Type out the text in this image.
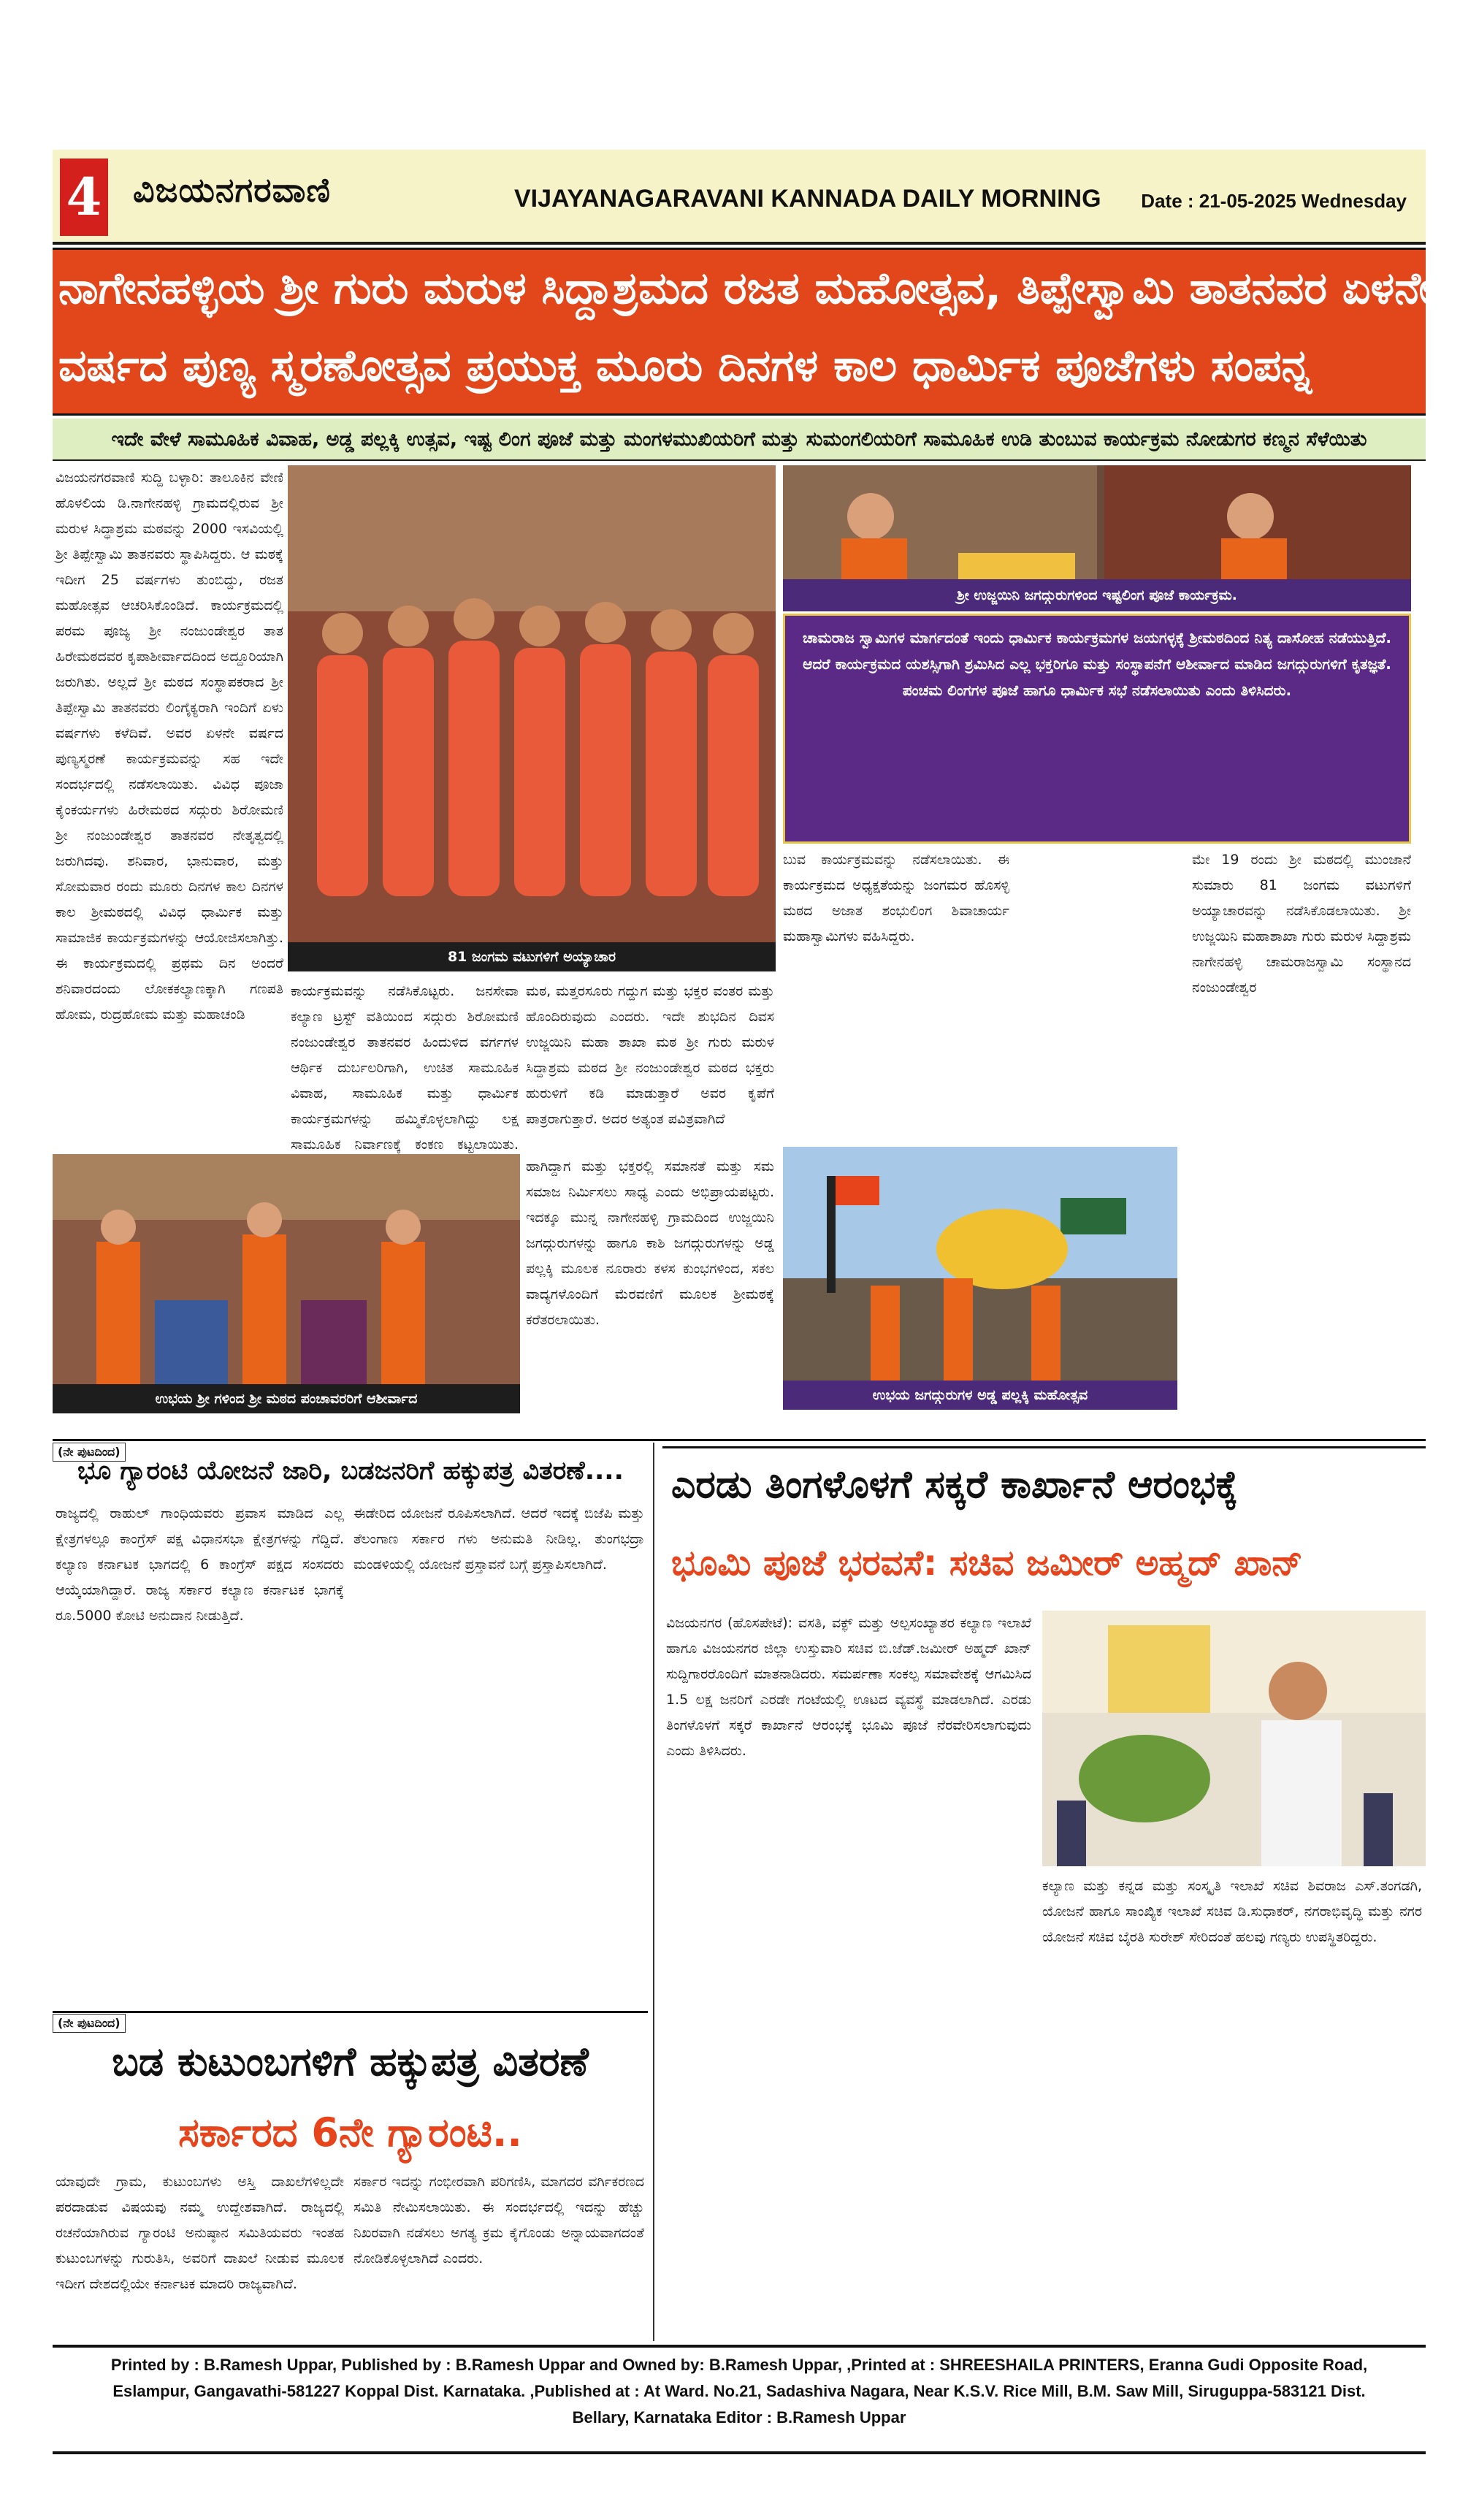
4 ವಿಜಯನಗರವಾಣಿ	VIJAYANAGARAVANI KANNADA DAILY MORNING Date : 21-05-2025 Wednesday
ನಾಗೇನಹಳ್ಳಿಯ ಶ್ರೀ ಗುರು ಮರುಳ ಸಿದ್ದಾಶ್ರಮದ ರಜತ ಮಹೋತ್ಸವ, ತಿಪ್ಪೇಸ್ವಾಮಿ ತಾತನವರ ಏಳನೇ
ವರ್ಷದ ಪುಣ್ಯ ಸ್ಮರಣೋತ್ಸವ ಪ್ರಯುಕ್ತ ಮೂರು ದಿನಗಳ ಕಾಲ ಧಾರ್ಮಿಕ ಪೂಜೆಗಳು ಸಂಪನ್ನ
ಇದೇ ವೇಳೆ ಸಾಮೂಹಿಕ ವಿವಾಹ, ಅಡ್ಡ ಪಲ್ಲಕ್ಕಿ ಉತ್ಸವ, ಇಷ್ಟ ಲಿಂಗ ಪೂಜೆ ಮತ್ತು ಮಂಗಳಮುಖಿಯರಿಗೆ ಮತ್ತು ಸುಮಂಗಲಿಯರಿಗೆ ಸಾಮೂಹಿಕ ಉಡಿ ತುಂಬುವ ಕಾರ್ಯಕ್ರಮ ನೋಡುಗರ ಕಣ್ಮನ ಸೆಳೆಯಿತು
ವಿಜಯನಗರವಾಣಿ ಸುದ್ದಿ ಬಳ್ಳಾರಿ: ತಾಲೂಕಿನ ವೇಣಿ ಹೊಳಲಿಯ ಡಿ.ನಾಗೇನಹಳ್ಳಿ ಗ್ರಾಮದಲ್ಲಿರುವ ಶ್ರೀ ಮರುಳ ಸಿದ್ಧಾಶ್ರಮ ಮಠವನ್ನು 2000 ಇಸವಿಯಲ್ಲಿ ಶ್ರೀ ತಿಪ್ಪೇಸ್ವಾಮಿ ತಾತನವರು ಸ್ಥಾಪಿಸಿದ್ದರು. ಆ ಮಠಕ್ಕೆ ಇದೀಗ 25 ವರ್ಷಗಳು ತುಂಬಿದ್ದು, ರಜತ ಮಹೋತ್ಸವ ಆಚರಿಸಿಕೊಂಡಿದೆ. ಕಾರ್ಯಕ್ರಮದಲ್ಲಿ ಪರಮ ಪೂಜ್ಯ ಶ್ರೀ ನಂಜುಂಡೇಶ್ವರ ತಾತ ಹಿರೇಮಠದವರ ಕೃಪಾಶೀರ್ವಾದದಿಂದ ಅದ್ದೂರಿಯಾಗಿ ಜರುಗಿತು. ಅಲ್ಲದೆ ಶ್ರೀ ಮಠದ ಸಂಸ್ಥಾಪಕರಾದ ಶ್ರೀ ತಿಪ್ಪೇಸ್ವಾಮಿ ತಾತನವರು ಲಿಂಗೈಕ್ಯರಾಗಿ ಇಂದಿಗೆ ಏಳು ವರ್ಷಗಳು ಕಳೆದಿವೆ. ಅವರ ಏಳನೇ ವರ್ಷದ ಪುಣ್ಯಸ್ಮರಣೆ ಕಾರ್ಯಕ್ರಮವನ್ನು ಸಹ ಇದೇ ಸಂದರ್ಭದಲ್ಲಿ ನಡೆಸಲಾಯಿತು. ವಿವಿಧ ಪೂಜಾ ಕೈಂಕರ್ಯಗಳು ಹಿರೇಮಠದ ಸದ್ಗುರು ಶಿರೋಮಣಿ ಶ್ರೀ ನಂಜುಂಡೇಶ್ವರ ತಾತನವರ ನೇತೃತ್ವದಲ್ಲಿ ಜರುಗಿದವು. ಶನಿವಾರ, ಭಾನುವಾರ, ಮತ್ತು ಸೋಮವಾರ ರಂದು ಮೂರು ದಿನಗಳ ಕಾಲ ದಿನಗಳ ಕಾಲ ಶ್ರೀಮಠದಲ್ಲಿ ವಿವಿಧ ಧಾರ್ಮಿಕ ಮತ್ತು ಸಾಮಾಜಿಕ ಕಾರ್ಯಕ್ರಮಗಳನ್ನು ಆಯೋಜಿಸಲಾಗಿತ್ತು. ಈ ಕಾರ್ಯಕ್ರಮದಲ್ಲಿ ಪ್ರಥಮ ದಿನ ಅಂದರೆ ಶನಿವಾರದಂದು ಲೋಕಕಲ್ಯಾಣಕ್ಕಾಗಿ ಗಣಪತಿ ಹೋಮ, ರುದ್ರಹೋಮ ಮತ್ತು ಮಹಾಚಂಡಿ
ಕಾರ್ಯಕ್ರಮವನ್ನು ನಡೆಸಿಕೊಟ್ಟರು. ಜನಸೇವಾ ಕಲ್ಯಾಣ ಟ್ರಸ್ಟ್ ವತಿಯಿಂದ ಸದ್ಗುರು ಶಿರೋಮಣಿ ನಂಜುಂಡೇಶ್ವರ ತಾತನವರ ಹಿಂದುಳಿದ ವರ್ಗಗಳ ಆರ್ಥಿಕ ದುರ್ಬಲರಿಗಾಗಿ, ಉಚಿತ ಸಾಮೂಹಿಕ ವಿವಾಹ, ಸಾಮೂಹಿಕ ಮತ್ತು ಧಾರ್ಮಿಕ ಕಾರ್ಯಕ್ರಮಗಳನ್ನು ಹಮ್ಮಿಕೊಳ್ಳಲಾಗಿದ್ದು ಲಕ್ಷ ಸಾಮೂಹಿಕ ನಿರ್ವಾಣಕ್ಕೆ ಕಂಕಣ ಕಟ್ಟಲಾಯಿತು.
ಮಠ, ಮತ್ತರಸೂರು ಗದ್ದುಗ ಮತ್ತು ಭಕ್ತರ ವಂತರ ಮತ್ತು ಹೊಂದಿರುವುದು ಎಂದರು. ಇದೇ ಶುಭದಿನ ದಿವಸ ಉಜ್ಜಯಿನಿ ಮಹಾ ಶಾಖಾ ಮಠ ಶ್ರೀ ಗುರು ಮರುಳ ಸಿದ್ದಾಶ್ರಮ ಮಠದ ಶ್ರೀ ನಂಜುಂಡೇಶ್ವರ ಮಠದ ಭಕ್ತರು ಹುರುಳಿಗೆ ಕಡಿ ಮಾಡುತ್ತಾರೆ ಅವರ ಕೃಪೆಗೆ ಪಾತ್ರರಾಗುತ್ತಾರೆ. ಅದರ ಅತ್ಯಂತ ಪವಿತ್ರವಾಗಿದೆ
ಹಾಗಿದ್ದಾಗ ಮತ್ತು ಭಕ್ತರಲ್ಲಿ ಸಮಾನತೆ ಮತ್ತು ಸಮ ಸಮಾಜ ನಿರ್ಮಿಸಲು ಸಾಧ್ಯ ಎಂದು ಅಭಿಪ್ರಾಯಪಟ್ಟರು. ಇದಕ್ಕೂ ಮುನ್ನ ನಾಗೇನಹಳ್ಳಿ ಗ್ರಾಮದಿಂದ ಉಜ್ಜಯಿನಿ ಜಗದ್ಗುರುಗಳನ್ನು ಹಾಗೂ ಕಾಶಿ ಜಗದ್ಗುರುಗಳನ್ನು ಅಡ್ಡ ಪಲ್ಲಕ್ಕಿ ಮೂಲಕ ನೂರಾರು ಕಳಸ ಕುಂಭಗಳಿಂದ, ಸಕಲ ವಾದ್ಯಗಳೊಂದಿಗೆ ಮೆರವಣಿಗೆ ಮೂಲಕ ಶ್ರೀಮಠಕ್ಕೆ ಕರೆತರಲಾಯಿತು.
ಬುವ ಕಾರ್ಯಕ್ರಮವನ್ನು ನಡೆಸಲಾಯಿತು. ಈ ಕಾರ್ಯಕ್ರಮದ ಅಧ್ಯಕ್ಷತೆಯನ್ನು ಜಂಗಮರ ಹೊಸಳ್ಳಿ ಮಠದ ಅಜಾತ ಶಂಭುಲಿಂಗ ಶಿವಾಚಾರ್ಯ ಮಹಾಸ್ವಾಮಿಗಳು ವಹಿಸಿದ್ದರು.
ಮೇ 19 ರಂದು ಶ್ರೀ ಮಠದಲ್ಲಿ ಮುಂಜಾನೆ ಸುಮಾರು 81 ಜಂಗಮ ವಟುಗಳಿಗೆ ಅಯ್ಯಾಚಾರವನ್ನು ನಡೆಸಿಕೊಡಲಾಯಿತು. ಶ್ರೀ ಉಜ್ಜಯಿನಿ ಮಹಾಶಾಖಾ ಗುರು ಮರುಳ ಸಿದ್ದಾಶ್ರಮ ನಾಗೇನಹಳ್ಳಿ ಚಾಮರಾಜಸ್ವಾಮಿ ಸಂಸ್ಥಾನದ ನಂಜುಂಡೇಶ್ವರ
81 ಜಂಗಮ ವಟುಗಳಿಗೆ ಅಯ್ಯಾಚಾರ
ಶ್ರೀ ಉಜ್ಜಯಿನಿ ಜಗದ್ಗುರುಗಳಿಂದ ಇಷ್ಟಲಿಂಗ ಪೂಜೆ ಕಾರ್ಯಕ್ರಮ.

ಚಾಮರಾಜ ಸ್ವಾಮಿಗಳ ಮಾರ್ಗದಂತೆ ಇಂದು ಧಾರ್ಮಿಕ ಕಾರ್ಯಕ್ರಮಗಳ ಜಯಗಳ್ಳಕ್ಕೆ ಶ್ರೀಮಠದಿಂದ ನಿತ್ಯ ದಾಸೋಹ ನಡೆಯುತ್ತಿದೆ. ಆದರೆ ಕಾರ್ಯಕ್ರಮದ ಯಶಸ್ಸಿಗಾಗಿ ಶ್ರಮಿಸಿದ ಎಲ್ಲ ಭಕ್ತರಿಗೂ ಮತ್ತು ಸಂಸ್ಥಾಪನೆಗೆ ಆಶೀರ್ವಾದ ಮಾಡಿದ ಜಗದ್ಗುರುಗಳಿಗೆ ಕೃತಜ್ಞತೆ. ಪಂಚಮ ಲಿಂಗಗಳ ಪೂಜೆ ಹಾಗೂ ಧಾರ್ಮಿಕ ಸಭೆ ನಡೆಸಲಾಯಿತು ಎಂದು ತಿಳಿಸಿದರು.

ಉಭಯ ಶ್ರೀ ಗಳಿಂದ ಶ್ರೀ ಮಠದ ಪಂಚಾವರರಿಗೆ ಆಶೀರ್ವಾದ	ಉಭಯ ಜಗದ್ಗುರುಗಳ ಅಡ್ಡ ಪಲ್ಲಕ್ಕಿ ಮಹೋತ್ಸವ
(ನೇ ಪುಟದಿಂದ)
ಭೂ ಗ್ಯಾರಂಟಿ ಯೋಜನೆ ಜಾರಿ, ಬಡಜನರಿಗೆ ಹಕ್ಕುಪತ್ರ ವಿತರಣೆ....
ರಾಜ್ಯದಲ್ಲಿ ರಾಹುಲ್ ಗಾಂಧಿಯವರು ಪ್ರವಾಸ ಮಾಡಿದ ಎಲ್ಲ ಕ್ಷೇತ್ರಗಳಲ್ಲೂ ಕಾಂಗ್ರೆಸ್ ಪಕ್ಷ ವಿಧಾನಸಭಾ ಕ್ಷೇತ್ರಗಳನ್ನು ಗೆದ್ದಿದೆ. ಕಲ್ಯಾಣ ಕರ್ನಾಟಕ ಭಾಗದಲ್ಲಿ 6 ಕಾಂಗ್ರೆಸ್ ಪಕ್ಷದ ಸಂಸದರು ಆಯ್ಕೆಯಾಗಿದ್ದಾರೆ. ರಾಜ್ಯ ಸರ್ಕಾರ ಕಲ್ಯಾಣ ಕರ್ನಾಟಕ ಭಾಗಕ್ಕೆ ರೂ.5000 ಕೋಟಿ ಅನುದಾನ ನೀಡುತ್ತಿದೆ.
ಈಡೇರಿದ ಯೋಜನೆ ರೂಪಿಸಲಾಗಿದೆ. ಆದರೆ ಇದಕ್ಕೆ ಬಿಜೆಪಿ ಮತ್ತು ತೆಲಂಗಾಣ ಸರ್ಕಾರ ಗಳು ಅನುಮತಿ ನೀಡಿಲ್ಲ. ತುಂಗಭದ್ರಾ ಮಂಡಳಿಯಲ್ಲಿ ಯೋಜನೆ ಪ್ರಸ್ತಾವನೆ ಬಗ್ಗೆ ಪ್ರಸ್ತಾಪಿಸಲಾಗಿದೆ.
(ನೇ ಪುಟದಿಂದ)
ಬಡ ಕುಟುಂಬಗಳಿಗೆ ಹಕ್ಕುಪತ್ರ ವಿತರಣೆ
ಸರ್ಕಾರದ 6ನೇ ಗ್ಯಾರಂಟಿ..
ಯಾವುದೇ ಗ್ರಾಮ, ಕುಟುಂಬಗಳು ಅಸ್ತಿ ದಾಖಲೆಗಳಿಲ್ಲದೇ ಪರದಾಡುವ ವಿಷಯವು ನಮ್ಮ ಉದ್ದೇಶವಾಗಿದೆ. ರಾಜ್ಯದಲ್ಲಿ ರಚನೆಯಾಗಿರುವ ಗ್ಯಾರಂಟಿ ಅನುಷ್ಠಾನ ಸಮಿತಿಯವರು ಇಂತಹ ಕುಟುಂಬಗಳನ್ನು ಗುರುತಿಸಿ, ಅವರಿಗೆ ದಾಖಲೆ ನೀಡುವ ಮೂಲಕ ಇದೀಗ ದೇಶದಲ್ಲಿಯೇ ಕರ್ನಾಟಕ ಮಾದರಿ ರಾಜ್ಯವಾಗಿದೆ.
ಸರ್ಕಾರ ಇದನ್ನು ಗಂಭೀರವಾಗಿ ಪರಿಗಣಿಸಿ, ಮಾಗದರ ವರ್ಗಿಕರಣದ ಸಮಿತಿ ನೇಮಿಸಲಾಯಿತು. ಈ ಸಂದರ್ಭದಲ್ಲಿ ಇದನ್ನು ಹೆಚ್ಚು ನಿಖರವಾಗಿ ನಡೆಸಲು ಅಗತ್ಯ ಕ್ರಮ ಕೈಗೊಂಡು ಅನ್ನಾಯವಾಗದಂತೆ ನೋಡಿಕೊಳ್ಳಲಾಗಿದೆ ಎಂದರು.
ಎರಡು ತಿಂಗಳೊಳಗೆ ಸಕ್ಕರೆ ಕಾರ್ಖಾನೆ ಆರಂಭಕ್ಕೆ
ಭೂಮಿ ಪೂಜೆ ಭರವಸೆ: ಸಚಿವ ಜಮೀರ್ ಅಹ್ಮದ್ ಖಾನ್
ವಿಜಯನಗರ (ಹೊಸಪೇಟೆ): ವಸತಿ, ವಕ್ಫ್ ಮತ್ತು ಅಲ್ಪಸಂಖ್ಯಾತರ ಕಲ್ಯಾಣ ಇಲಾಖೆ ಹಾಗೂ ವಿಜಯನಗರ ಜಿಲ್ಲಾ ಉಸ್ತುವಾರಿ ಸಚಿವ ಬಿ.ಜೆಡ್.ಜಮೀರ್ ಅಹ್ಮದ್ ಖಾನ್ ಸುದ್ದಿಗಾರರೊಂದಿಗೆ ಮಾತನಾಡಿದರು. ಸಮರ್ಪಣಾ ಸಂಕಲ್ಪ ಸಮಾವೇಶಕ್ಕೆ ಆಗಮಿಸಿದ 1.5 ಲಕ್ಷ ಜನರಿಗೆ ಎರಡೇ ಗಂಟೆಯಲ್ಲಿ ಊಟದ ವ್ಯವಸ್ಥೆ ಮಾಡಲಾಗಿದೆ. ಎರಡು ತಿಂಗಳೊಳಗೆ ಸಕ್ಕರೆ ಕಾರ್ಖಾನೆ ಆರಂಭಕ್ಕೆ ಭೂಮಿ ಪೂಜೆ ನೆರವೇರಿಸಲಾಗುವುದು ಎಂದು ತಿಳಿಸಿದರು.
ಕಲ್ಯಾಣ ಮತ್ತು ಕನ್ನಡ ಮತ್ತು ಸಂಸ್ಕೃತಿ ಇಲಾಖೆ ಸಚಿವ ಶಿವರಾಜ ಎಸ್.ತಂಗಡಗಿ, ಯೋಜನೆ ಹಾಗೂ ಸಾಂಖ್ಯಿಕ ಇಲಾಖೆ ಸಚಿವ ಡಿ.ಸುಧಾಕರ್, ನಗರಾಭಿವೃದ್ಧಿ ಮತ್ತು ನಗರ ಯೋಜನೆ ಸಚಿವ ಬೈರತಿ ಸುರೇಶ್ ಸೇರಿದಂತೆ ಹಲವು ಗಣ್ಯರು ಉಪಸ್ಥಿತರಿದ್ದರು.
Printed by : B.Ramesh Uppar, Published by : B.Ramesh Uppar and Owned by: B.Ramesh Uppar, ,Printed at : SHREESHAILA PRINTERS, Eranna Gudi Opposite Road,
Eslampur, Gangavathi-581227 Koppal Dist. Karnataka. ,Published at : At Ward. No.21, Sadashiva Nagara, Near K.S.V. Rice Mill, B.M. Saw Mill, Siruguppa-583121 Dist.
Bellary, Karnataka Editor : B.Ramesh Uppar
